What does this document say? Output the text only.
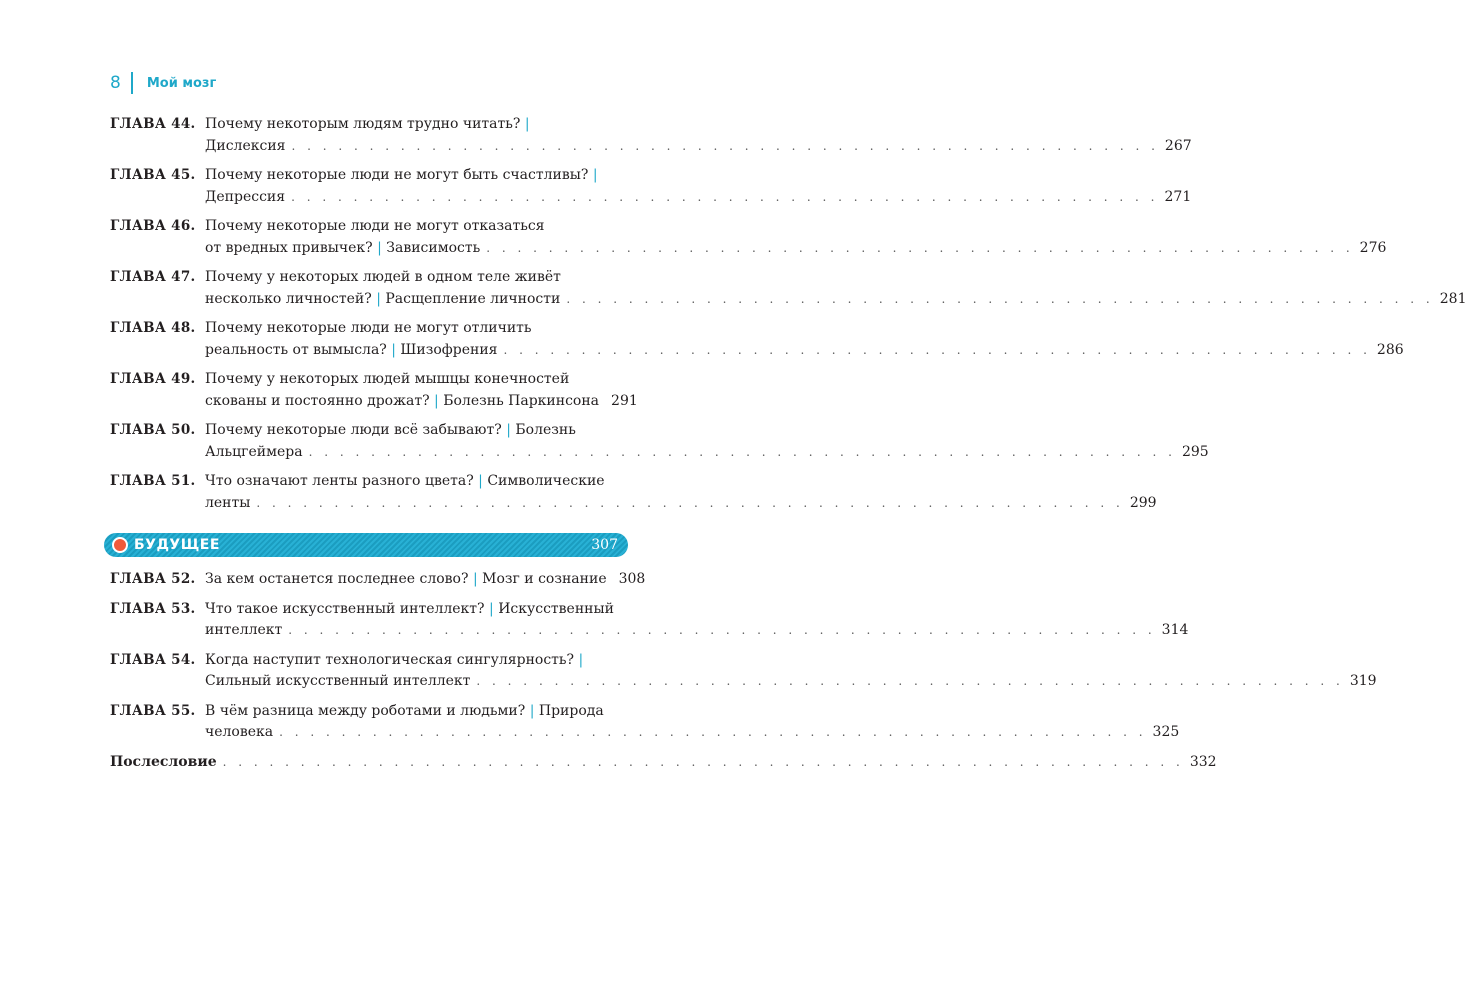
8 Мой мозг
ГЛАВА 44. Почему некоторым людям трудно читать? |
Дислексия . . . . . . . . . . . . . . . . . . . . . . . . . . . . . . . . . . . . . . . . . . . . . . . . . . . . . . . . 267
ГЛАВА 45. Почему некоторые люди не могут быть счастливы? |
Депрессия . . . . . . . . . . . . . . . . . . . . . . . . . . . . . . . . . . . . . . . . . . . . . . . . . . . . . . . . 271
ГЛАВА 46. Почему некоторые люди не могут отказаться
от вредных привычек? | Зависимость . . . . . . . . . . . . . . . . . . . . . . . . . . . . . . . . . . . . . . . . . . . . . . . . . . . . . . . . 276
ГЛАВА 47. Почему у некоторых людей в одном теле живёт
несколько личностей? | Расщепление личности . . . . . . . . . . . . . . . . . . . . . . . . . . . . . . . . . . . . . . . . . . . . . . . . . . . . . . . . 281
ГЛАВА 48. Почему некоторые люди не могут отличить
реальность от вымысла? | Шизофрения . . . . . . . . . . . . . . . . . . . . . . . . . . . . . . . . . . . . . . . . . . . . . . . . . . . . . . . . 286
ГЛАВА 49. Почему у некоторых людей мышцы конечностей
скованы и постоянно дрожат? | Болезнь Паркинсона 291
ГЛАВА 50. Почему некоторые люди всё забывают? | Болезнь
Альцгеймера . . . . . . . . . . . . . . . . . . . . . . . . . . . . . . . . . . . . . . . . . . . . . . . . . . . . . . . . 295
ГЛАВА 51. Что означают ленты разного цвета? | Символические
ленты . . . . . . . . . . . . . . . . . . . . . . . . . . . . . . . . . . . . . . . . . . . . . . . . . . . . . . . . 299
БУДУЩЕЕ	307
ГЛАВА 52. За кем останется последнее слово? | Мозг и сознание 308
ГЛАВА 53. Что такое искусственный интеллект? | Искусственный
интеллект . . . . . . . . . . . . . . . . . . . . . . . . . . . . . . . . . . . . . . . . . . . . . . . . . . . . . . . . 314
ГЛАВА 54. Когда наступит технологическая сингулярность? |
Сильный искусственный интеллект . . . . . . . . . . . . . . . . . . . . . . . . . . . . . . . . . . . . . . . . . . . . . . . . . . . . . . . . 319
ГЛАВА 55. В чём разница между роботами и людьми? | Природа
человека . . . . . . . . . . . . . . . . . . . . . . . . . . . . . . . . . . . . . . . . . . . . . . . . . . . . . . . . 325
Послесловие . . . . . . . . . . . . . . . . . . . . . . . . . . . . . . . . . . . . . . . . . . . . . . . . . . . . . . . . . . . . . . 332
